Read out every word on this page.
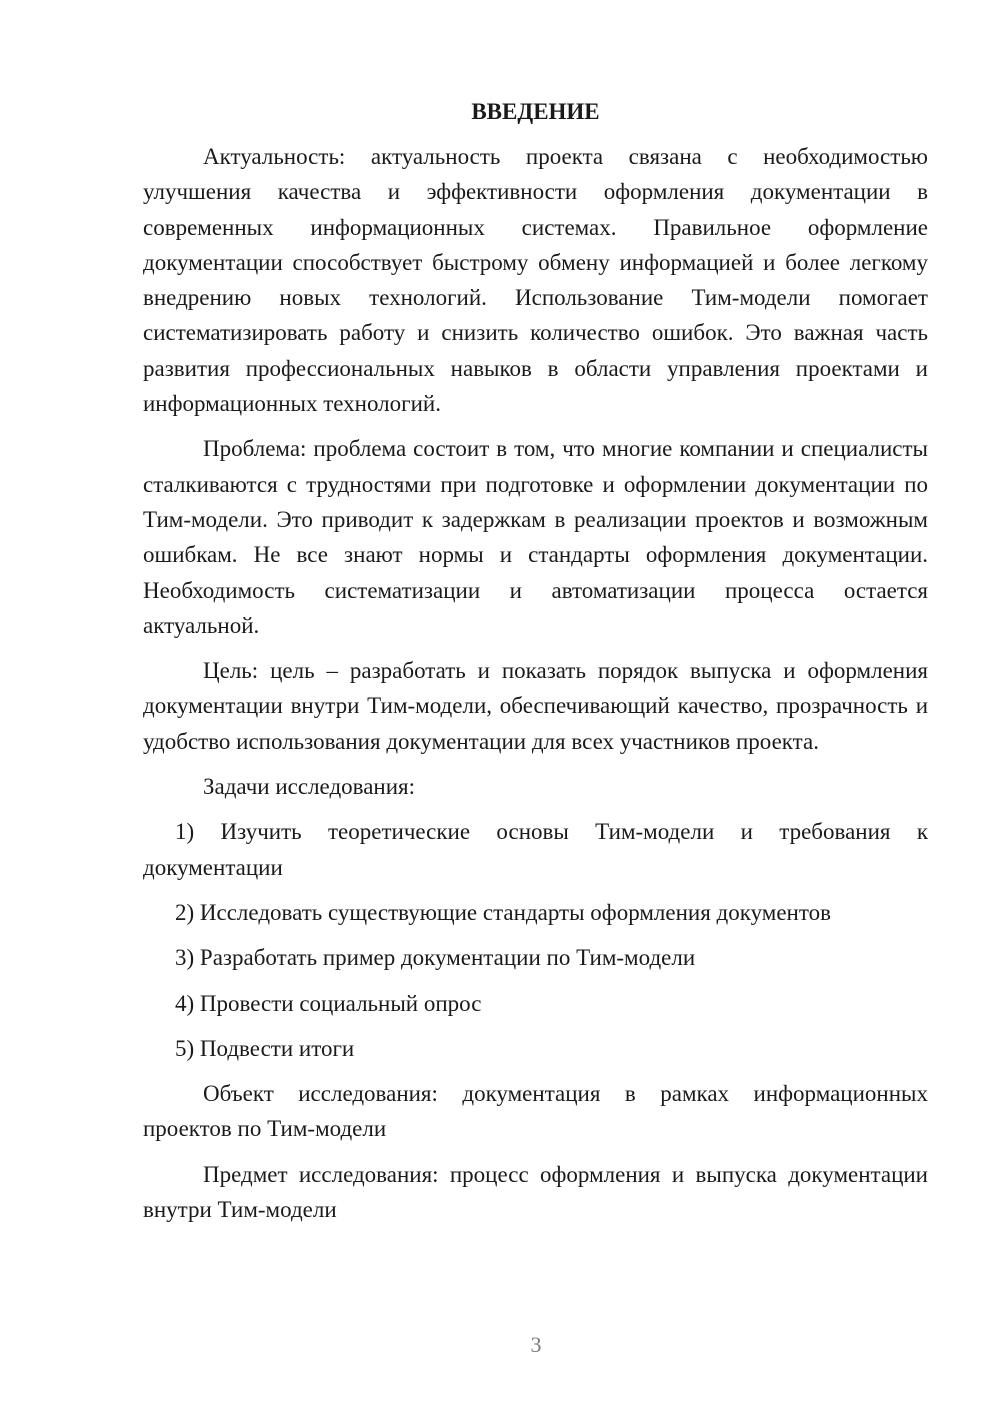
ВВЕДЕНИЕ

Актуальность: актуальность проекта связана с необходимостью улучшения качества и эффективности оформления документации в современных информационных системах. Правильное оформление документации способствует быстрому обмену информацией и более легкому внедрению новых технологий. Использование Тим-модели помогает систематизировать работу и снизить количество ошибок. Это важная часть развития профессиональных навыков в области управления проектами и информационных технологий.

Проблема: проблема состоит в том, что многие компании и специалисты сталкиваются с трудностями при подготовке и оформлении документации по Тим-модели. Это приводит к задержкам в реализации проектов и возможным ошибкам. Не все знают нормы и стандарты оформления документации. Необходимость систематизации и автоматизации процесса остается актуальной.

Цель: цель – разработать и показать порядок выпуска и оформления документации внутри Тим-модели, обеспечивающий качество, прозрачность и удобство использования документации для всех участников проекта.

Задачи исследования:

1) Изучить теоретические основы Тим-модели и требования к документации

2) Исследовать существующие стандарты оформления документов

3) Разработать пример документации по Тим-модели

4) Провести социальный опрос

5) Подвести итоги

Объект исследования: документация в рамках информационных проектов по Тим-модели

Предмет исследования: процесс оформления и выпуска документации внутри Тим-модели

3
